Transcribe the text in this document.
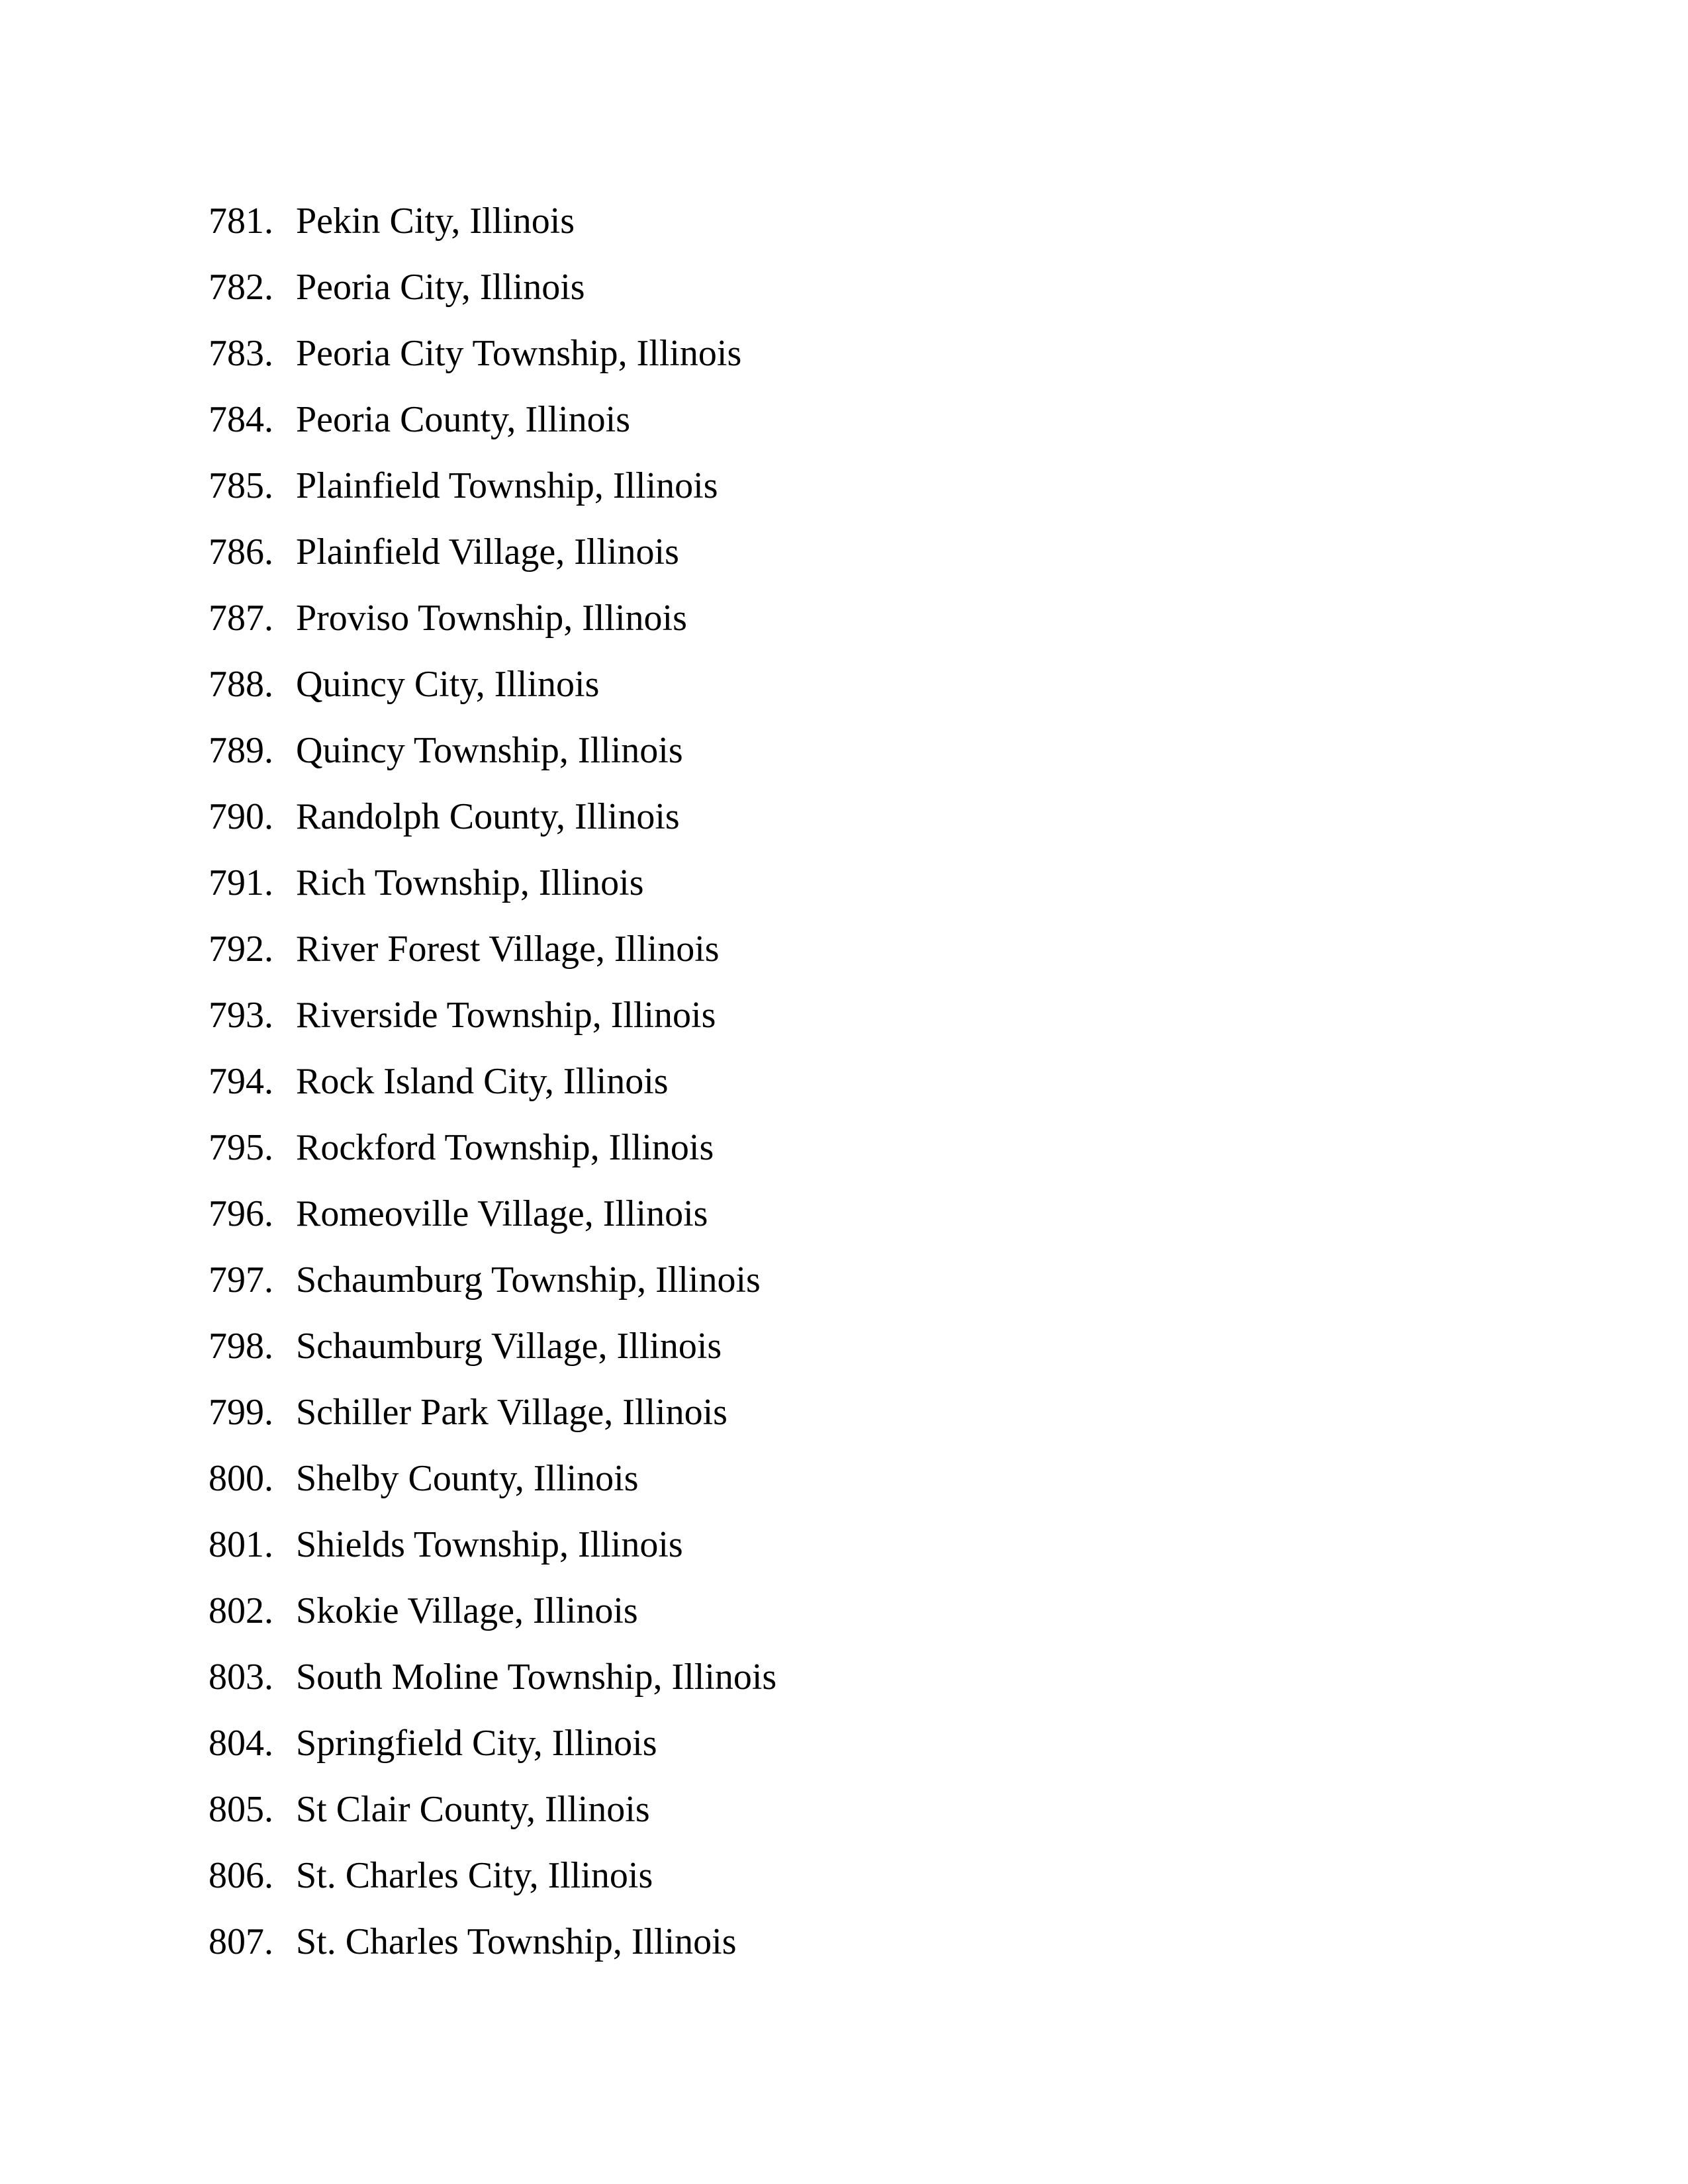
781. Pekin City, Illinois
782. Peoria City, Illinois
783. Peoria City Township, Illinois
784. Peoria County, Illinois
785. Plainfield Township, Illinois
786. Plainfield Village, Illinois
787. Proviso Township, Illinois
788. Quincy City, Illinois
789. Quincy Township, Illinois
790. Randolph County, Illinois
791. Rich Township, Illinois
792. River Forest Village, Illinois
793. Riverside Township, Illinois
794. Rock Island City, Illinois
795. Rockford Township, Illinois
796. Romeoville Village, Illinois
797. Schaumburg Township, Illinois
798. Schaumburg Village, Illinois
799. Schiller Park Village, Illinois
800. Shelby County, Illinois
801. Shields Township, Illinois
802. Skokie Village, Illinois
803. South Moline Township, Illinois
804. Springfield City, Illinois
805. St Clair County, Illinois
806. St. Charles City, Illinois
807. St. Charles Township, Illinois
